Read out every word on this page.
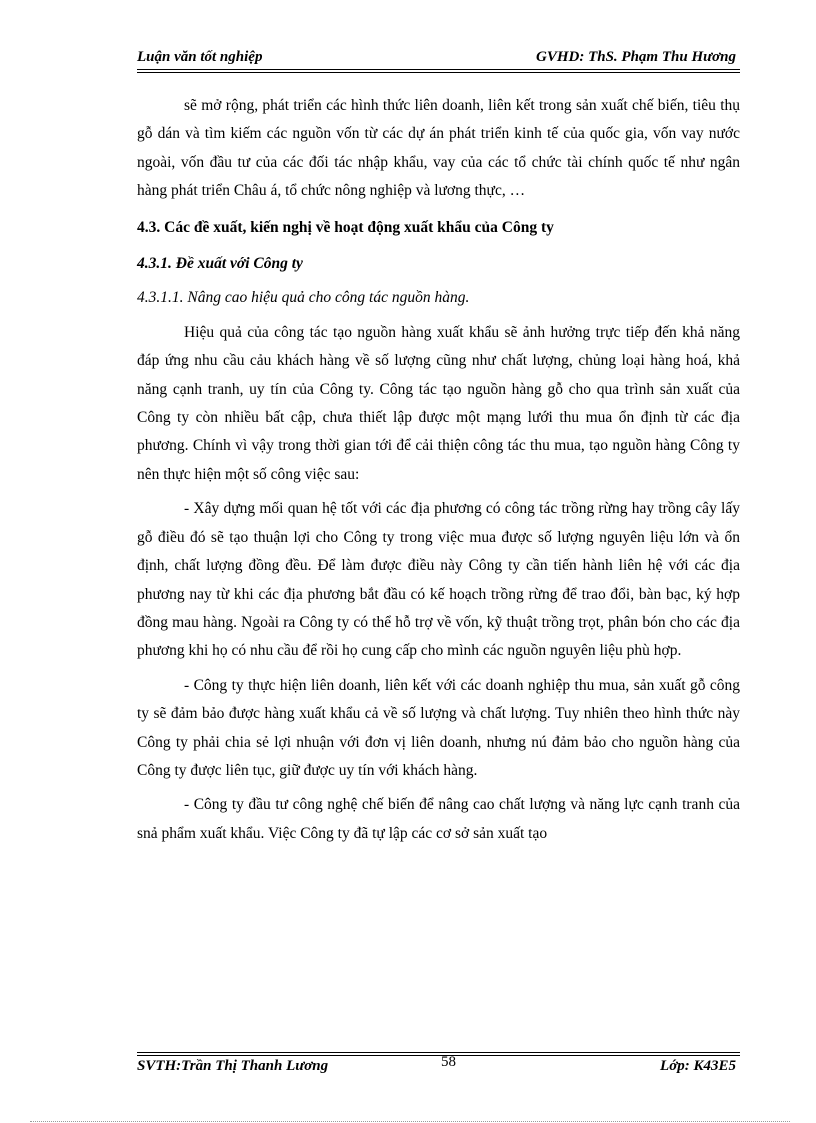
Luận văn tốt nghiệp	GVHD: ThS. Phạm Thu Hương

sẽ mở rộng, phát triển các hình thức liên doanh, liên kết trong sản xuất chế biến, tiêu thụ gỗ dán và tìm kiếm các nguồn vốn từ các dự án phát triển kinh tế của quốc gia, vốn vay nước ngoài, vốn đầu tư của các đối tác nhập khẩu, vay của các tổ chức tài chính quốc tế như ngân hàng phát triển Châu á, tổ chức nông nghiệp và lương thực, …

4.3. Các đề xuất, kiến nghị về hoạt động xuất khẩu của Công ty

4.3.1. Đề xuất với Công ty

4.3.1.1. Nâng cao hiệu quả cho công tác nguồn hàng.

Hiệu quả của công tác tạo nguồn hàng xuất khẩu sẽ ảnh hưởng trực tiếp đến khả năng đáp ứng nhu cầu cảu khách hàng về số lượng cũng như chất lượng, chủng loại hàng hoá, khả năng cạnh tranh, uy tín của Công ty. Công tác tạo nguồn hàng gỗ cho qua trình sản xuất của Công ty còn nhiều bất cập, chưa thiết lập được một mạng lưới thu mua ổn định từ các địa phương. Chính vì vậy trong thời gian tới để cải thiện công tác thu mua, tạo nguồn hàng Công ty nên thực hiện một số công việc sau:

- Xây dựng mối quan hệ tốt với các địa phương có công tác trồng rừng hay trồng cây lấy gỗ điều đó sẽ tạo thuận lợi cho Công ty trong việc mua được số lượng nguyên liệu lớn và ổn định, chất lượng đồng đều. Để làm được điều này Công ty cần tiến hành liên hệ với các địa phương nay từ khi các địa phương bắt đầu có kế hoạch trồng rừng để trao đổi, bàn bạc, ký hợp đồng mau hàng. Ngoài ra Công ty có thể hỗ trợ về vốn, kỹ thuật trồng trọt, phân bón cho các địa phương khi họ có nhu cầu để rồi họ cung cấp cho mình các nguồn nguyên liệu phù hợp.

- Công ty thực hiện liên doanh, liên kết với các doanh nghiệp thu mua, sản xuất gỗ công ty sẽ đảm bảo được hàng xuất khẩu cả về số lượng và chất lượng. Tuy nhiên theo hình thức này Công ty phải chia sẻ lợi nhuận với đơn vị liên doanh, nhưng nú đảm bảo cho nguồn hàng của Công ty được liên tục, giữ được uy tín với khách hàng.

- Công ty đầu tư công nghệ chế biến để nâng cao chất lượng và năng lực cạnh tranh của snả phẩm xuất khẩu. Việc Công ty đã tự lập các cơ sở sản xuất tạo

SVTH:Trần Thị Thanh Lương	58	Lớp: K43E5
